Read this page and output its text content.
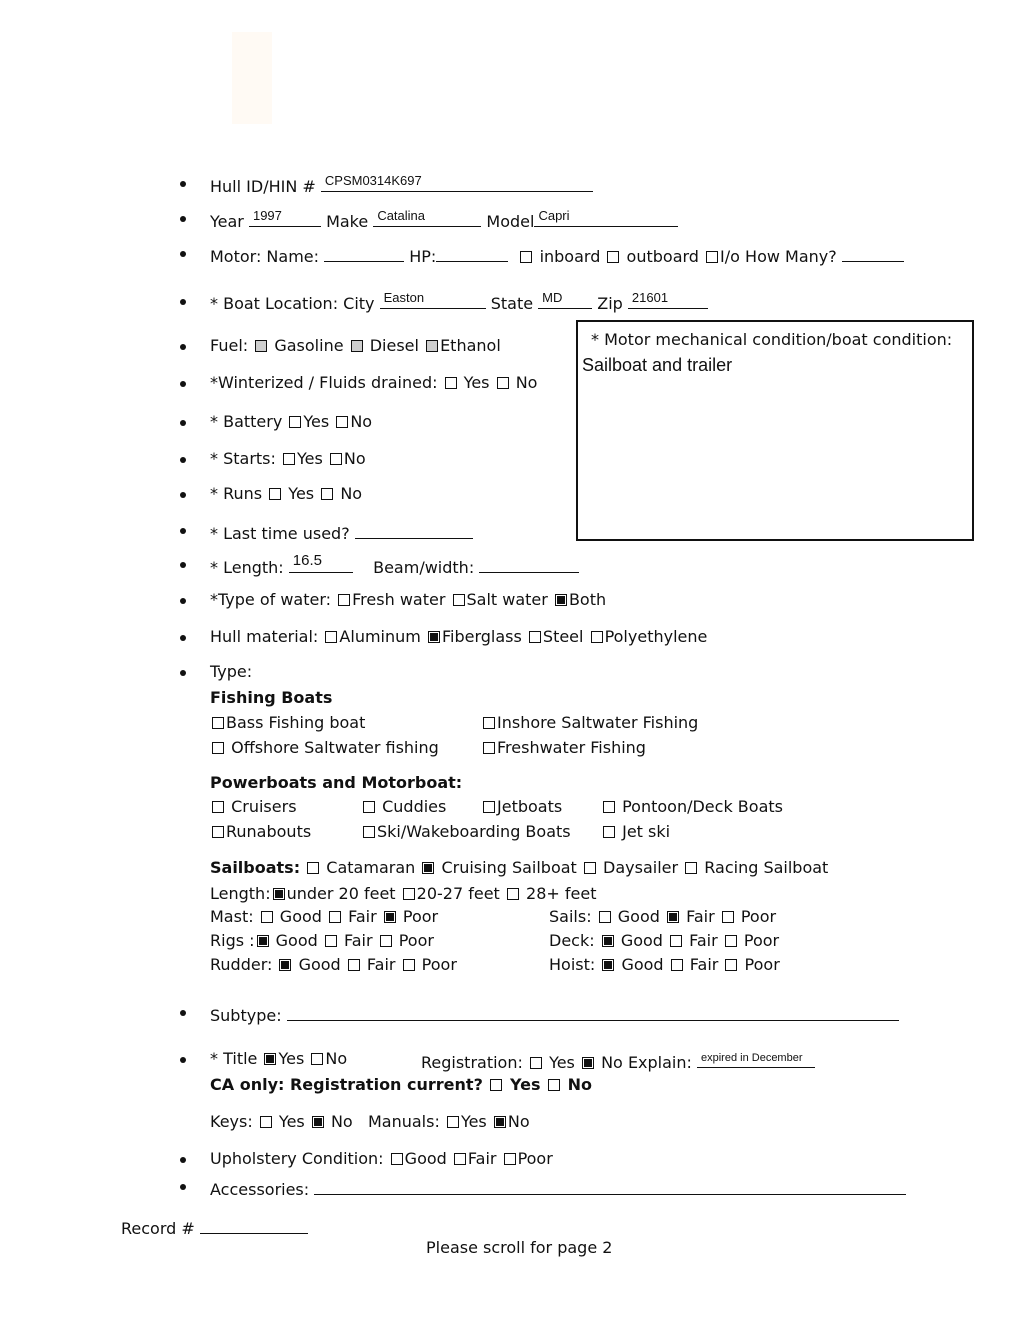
Hull ID/HIN # CPSM0314K697
Year 1997	Make Catalina	Model Capri
Motor: Name:	HP:	inboard outboard I/o How Many?
* Boat Location: City Easton	State MD Zip 21601
Fuel: Gasoline Diesel Ethanol	* Motor mechanical condition/boat condition:
Sailboat and trailer
*Winterized / Fluids drained: Yes No
* Battery Yes No
* Starts: Yes No
* Runs Yes No
* Last time used?
* Length: 16.5	Beam/width:
*Type of water: Fresh water Salt water Both
Hull material: Aluminum Fiberglass Steel Polyethylene
Type:
Fishing Boats
Bass Fishing boat	Inshore Saltwater Fishing
Offshore Saltwater fishing	Freshwater Fishing
Powerboats and Motorboat:
Cruisers	Cuddies	Jetboats	Pontoon/Deck Boats
Runabouts	Ski/Wakeboarding Boats	Jet ski
Sailboats: Catamaran Cruising Sailboat Daysailer Racing Sailboat
Length: under 20 feet 20-27 feet 28+ feet
Mast: Good Fair Poor	Sails: Good Fair Poor
Rigs : Good Fair Poor	Deck: Good Fair Poor
Rudder: Good Fair Poor	Hoist: Good Fair Poor
Subtype:
* Title Yes No	Registration: Yes No Explain: expired in December
CA only: Registration current? Yes No
Keys: Yes No Manuals: Yes No
Upholstery Condition: Good Fair Poor
Accessories:
Record #
Please scroll for page 2
